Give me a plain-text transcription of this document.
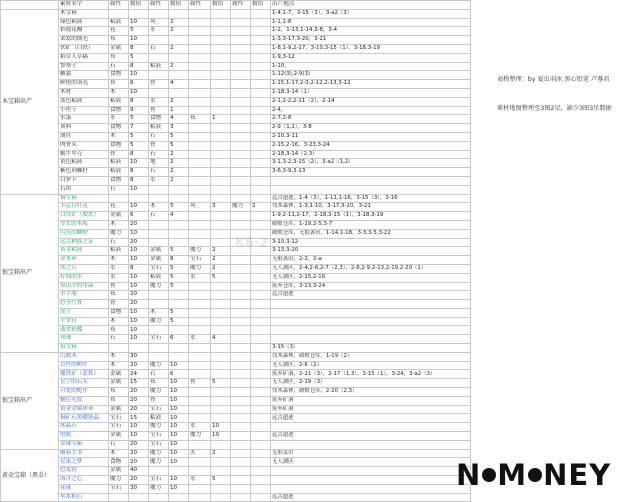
	素材名字	属性	数值	属性	数值	属性	数值	属性	数值	出产地点
木宝箱出产	木宝箱									1-4,1-7，3-15（3），3-a2（3）
	绿色粘液	粘液	10	风	2					1-1,1-8
	彩霞花瓣	花	5	水	2					1-2，1-13,1-14,3-8，3-4
	柔软的绒毛	布	10							1-3,3-17,3-20，3-21
	铁矿（白铁）	金属	8	石	2					1-8,1-9,2-17，3-10,3-15（1），3-18,3-19
	稻草人草稿	布	5							1-9,3-12
	警察士	石	8	粘液	2					1-10，
	糖霜	食物	10							1-12(3),2-9(3)
	鲜艳的羽毛	布	6	骨	4					1-15,1-17,2-3,2-12,2-13,3-12
	木材	木	10							1-18,3-14（1）
	蓝色粘液	粘液	8	水	2					2-1,2-2,2-11（2），2-14
	小鱼干	食物	9	骨	1					2-4,
	水蛋	水	5	食物	4	布	1			2-7,2-8
	顶料	食物	7	粘液	3					2-9（1,2），3-8
	薄坯	木	5	石	5					2-10,3-11
	肉骨头	食物	5	骨	5					2-15,2-16，3-23,3-24
	蜗牛甲壳	骨	8	石	2					2-18,3-14（2,3）
	黄色粘液	粘液	10	地	2					3-1,3-2,3-15（2），3-a2（1,2）
	紫色荆棘籽	粘液	8	石	2					3-6,3-9,3-13
	白萝卜	食物	8	水	2					
	石块	石	10							
银宝箱出产	铜宝箱									远古遗迹，1-4（3），1-11,1-16，3-15（3），3-16
	幸运白叶花	花	10	木	5	风	3	魔力	2	伐木森林，1-3,1-10，3-17,3-20，3-21
	白铁矿（坡铁）	金属	6	石	4					1-9,2-11,2-17，2-18,3-15（1），3-18,3-19
	厚实的木板	木	20							破败仓库，1-19,2-5,3-7
	闪亮的鳞粉	魔力	10							破败仓库，无狼袭田，1-14,1-18，3-3,3-5,3-22
	远古种族之证	石	20							3-10,3-12
	黄金粘液	粘液	10	金属	5	魔力	2			3-13,3-20
	金木碎	木	10	金属	8	宝石	2			无限袭田，2-2，2-a
	冰之石	水	8	宝石	5	魔力	2			无人湖区，2-4,2-6,2-7（2,3），2-8,2-9,2-13,2-19,2-20（1）
	好闻的水	水	10	粘液	5	水	5			无人湖区，2-15,2-16
	黑山羊的角菌	骨	10	魔力	5					废弃仓库，3-23,3-24
	水手服	布	20							远古遗迹
	恐争号骨	骨	20							
	虎子	食物	10	木	5					
	平安符	木	10	魔力	5					
	翡翠彩蝶	布	10							
	珍珠	石	10	宝石	6	水	4			
	银宝箱									3-15（3）
银宝箱出产	沉默木	木	30							伐木森林，破败仓库，1-19（2）
	奇怪的树叶	木	20	魔力	10					无人湖区，2-6（2）
	魔铁矿（蓝铁）	金属	24	石	6					废弃矿洞，2-11（3），2-17（1,3），3-15（1），3-24，3-a2（3）
	星空的石头	金属	15	布	10	骨	5			无人湖区，2-19（3）
	可爱的配件	布	20	魔力	10					伐木森林，破败仓库，2-20（2,3）
	魅色毛皮	布	20	骨	10					废弃矿洞
	黄金金属碎环	金属	20	宝石	10					废弃矿洞
	铜矿石黑曜链晶	宝石	15	粘液	10					远古遗迹
	冰晶石	宝石	10	魔力	10	水	10			
	电瓶	金属	10	宝石	10	魔力	10			远古遗迹
	金珠宝箱	石	20	宝石	10					
黄金宝箱（黑金）	蘑菇手书	木	20	魔力	10	火	2			无垠麦田
	星果之梦	食物	20	魔力	10					无人湖区
	恐龙钥	金属	40							
	海洋之心	魔力	20	宝石	10	水	5			
	花珠	宝石	30	魔力	10					
	巫术稻石									远古遗迹
表格整理：by 夏虫羽冰 黑心铅笔 卢墓君
素材地图整理至3图2星，缺少3图3星数据
K6·2
N M NEY
